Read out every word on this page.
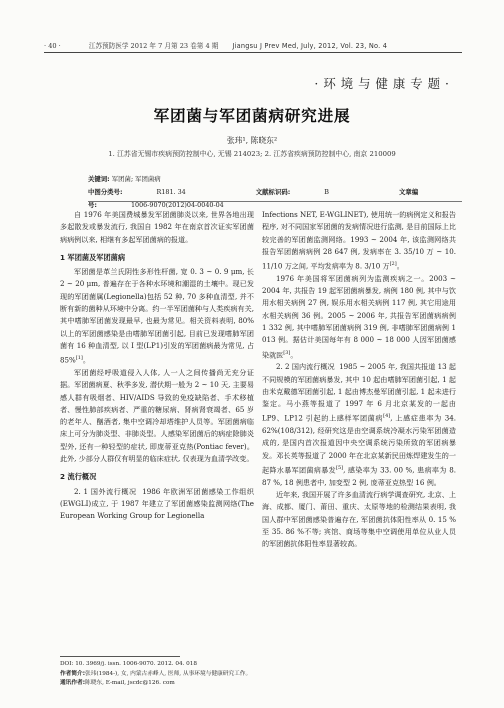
· 40 ·	江苏预防医学 2012 年 7 月第 23 卷第 4 期 Jiangsu J Prev Med, July, 2012, Vol. 23, No. 4
·环境与健康专题·
军团菌与军团菌病研究进展
张玮¹, 陈晓东²
1. 江苏省无锡市疾病预防控制中心, 无锡 214023; 2. 江苏省疾病预防控制中心, 南京 210009
关键词: 军团菌; 军团菌病
中图分类号:	R181. 34	文献标识码:	B	文章编号:	1006-9070(2012)04-0040-04

自 1976 年美国费城暴发军团菌肺炎以来, 世界各地出现多起散发或暴发流行, 我国自 1982 年在南京首次证实军团菌病病例以来, 相继有多起军团菌病的报道。

1 军团菌及军团菌病

军团菌是革兰氏阴性多形性杆菌, 宽 0. 3 ~ 0. 9 μm, 长 2 ~ 20 μm, 普遍存在于各种水环境和潮湿的土壤中。现已发现的军团菌属(Legionella)包括 52 种, 70 多种血清型, 并不断有新的菌种从环境中分离。约一半军团菌种与人类疾病有关, 其中嗜肺军团菌发现最早, 也最为常见。相关资料表明, 80% 以上的军团菌感染是由嗜肺军团菌引起, 目前已发现嗜肺军团菌有 16 种血清型, 以 I 型(LP1)引发的军团菌病最为常见, 占 85%[1]。

军团菌经呼吸道侵入人体, 人一人之间传播尚无充分证据。军团菌病夏、秋季多发, 潜伏期一般为 2 ~ 10 天, 主要易感人群有吸烟者、HIV/AIDS 导致的免疫缺陷者、手术移植者、慢性肺部疾病者、严重的糖尿病、肾病肾衰竭者、65 岁的老年人、酗酒者, 集中空调冷却塔维护人员等。军团菌病临床上可分为肺炎型、非肺炎型。人感染军团菌后的病症除肺炎型外, 还有一种轻型的症状, 即庞蒂亚克热(Pontiac fever)。此外, 少部分人群仅有明显的临床症状, 仅表现为血清学改变。

2 流行概况

2. 1 国外流行概况 1986 年欧洲军团菌感染工作组织(EWGLI)成立, 于 1987 年建立了军团菌感染监测网络(The European Working Group for Legionella

Infections NET, E-WGLINET), 使用统一的病例定义和报告程序, 对不同国家军团菌的发病情况进行监测, 是目前国际上比较完善的军团菌监测网络。1993 ~ 2004 年, 该监测网络共报告军团菌病病例 28 647 例, 发病率在 3. 35/10 万 ~ 10. 11/10 万之间, 平均发病率为 8. 3/10 万[2]。

1976 年美国将军团菌病列为监测疾病之一。2003 ~ 2004 年, 共报告 19 起军团菌病暴发, 病例 180 例, 其中与饮用水相关病例 27 例, 娱乐用水相关病例 117 例, 其它用途用水相关病例 36 例。2005 ~ 2006 年, 共报告军团菌病病例 1 332 例, 其中嗜肺军团菌病例 319 例, 非嗜肺军团菌病例 1 013 例。据估计美国每年有 8 000 ~ 18 000 人因军团菌感染就医[3]。

2. 2 国内流行概况 1985 ~ 2005 年, 我国共报道 13 起不同规模的军团菌病暴发, 其中 10 起由嗜肺军团菌引起, 1 起由米克戴德军团菌引起, 1 起由博杰曼军团菌引起, 1 起未进行鉴定。马小燕等报道了 1997 年 6 月北京某发的一起由 LP9、LP12 引起的上感样军团菌病[4], 上感症患率为 34. 62%(108/312), 经研究这是由空调系统冷凝水污染军团菌造成的, 是国内首次报道因中央空调系统污染所致的军团病暴发。邓长英等报道了 2000 年在北京某新民田炼焊建发生的一起降水暴军团菌病暴发[5], 感染率为 33. 00 %, 患病率为 8. 87 %, 18 例患者中, 加变型 2 例, 庞蒂亚克热型 16 例。

近年来, 我国开展了许多血清流行病学调查研究, 北京、上海、成都、厦门、莆田、重庆、太原等地的检测结果表明, 我国人群中军团菌感染普遍存在, 军团菌抗体阳性率从 0. 15 %至 35. 86 %不等; 宾馆、商场等集中空调使用单位从业人员的军团菌抗体阳性率显著较高。

DOI: 10. 3969/j. issn. 1006-9070. 2012. 04. 018
作者简介:张玮(1984-), 女, 内蒙古赤峰人, 医师, 从事环境与健康研究工作。
通讯作者:陈晓东, E-mail, jscdc@126. com
